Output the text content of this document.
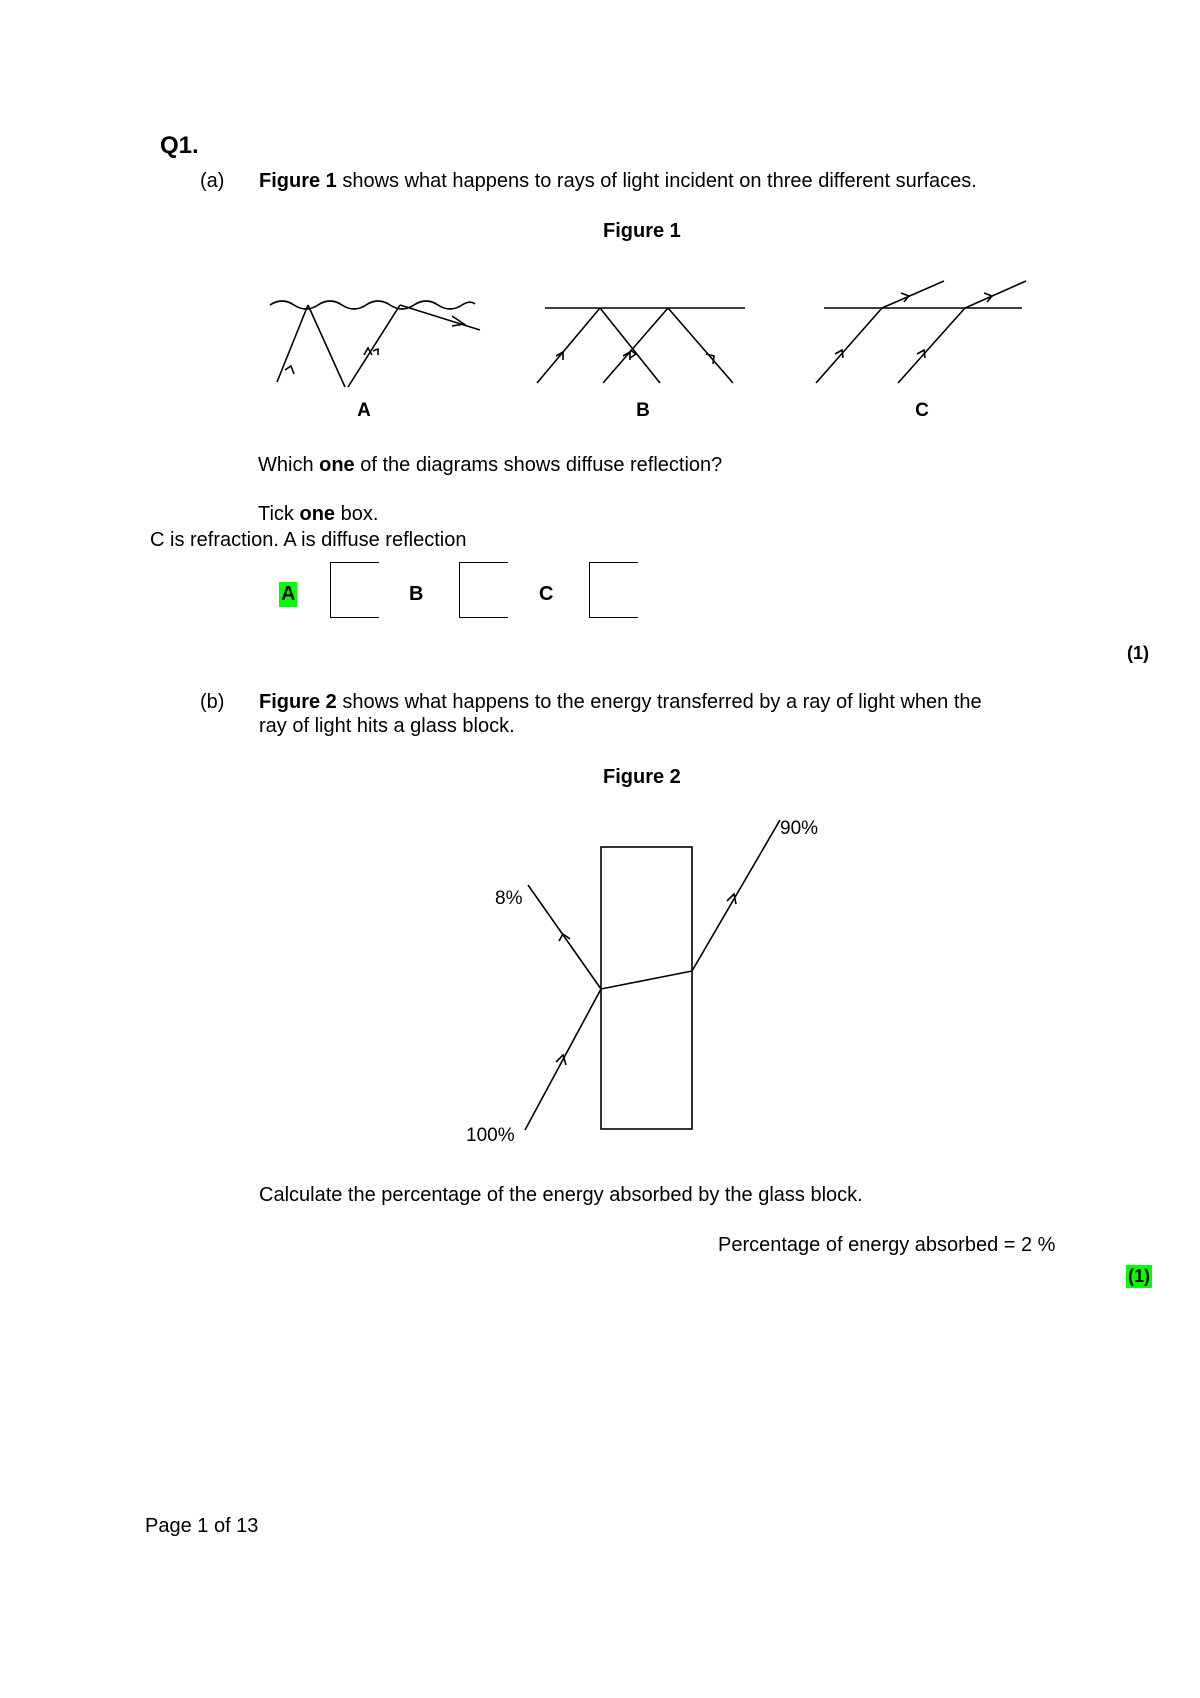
Q1.
(a) Figure 1 shows what happens to rays of light incident on three different surfaces.
Figure 1
A	B	C
Which one of the diagrams shows diffuse reflection?
Tick one box.
C is refraction. A is diffuse reflection
A	B	C
(1)
(b) Figure 2 shows what happens to the energy transferred by a ray of light when the
ray of light hits a glass block.
Figure 2
100%
8%
90%
Calculate the percentage of the energy absorbed by the glass block.
Percentage of energy absorbed = 2 %
(1)
Page 1 of 13
